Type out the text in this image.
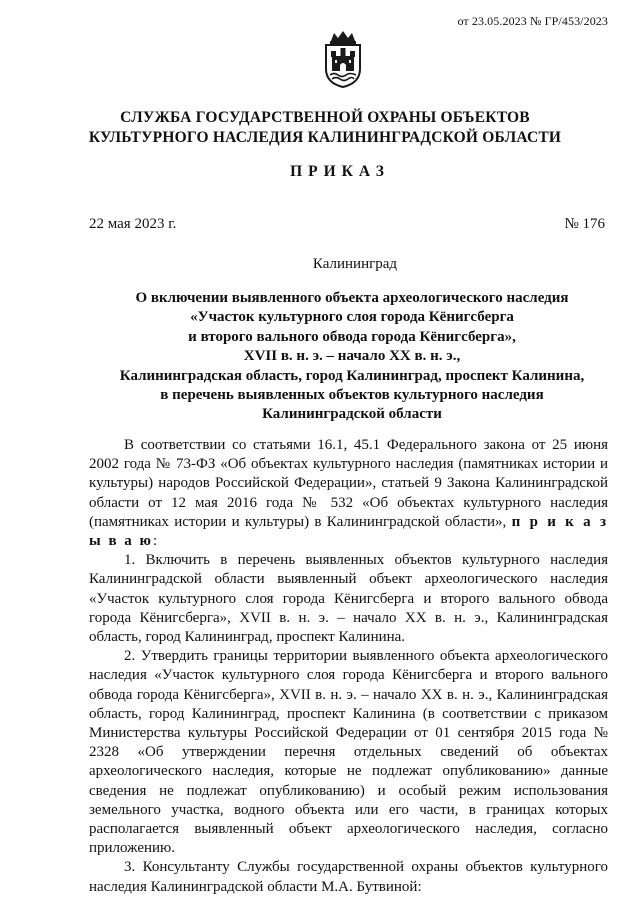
от 23.05.2023 № ГР/453/2023
СЛУЖБА ГОСУДАРСТВЕННОЙ ОХРАНЫ ОБЪЕКТОВ
КУЛЬТУРНОГО НАСЛЕДИЯ КАЛИНИНГРАДСКОЙ ОБЛАСТИ
ПРИКАЗ
22 мая 2023 г.	№ 176
Калининград
О включении выявленного объекта археологического наследия
«Участок культурного слоя города Кёнигсберга
и второго вального обвода города Кёнигсберга»,
XVII в. н. э. – начало XX в. н. э.,
Калининградская область, город Калининград, проспект Калинина,
в перечень выявленных объектов культурного наследия
Калининградской области

В соответствии со статьями 16.1, 45.1 Федерального закона от 25 июня 2002 года № 73-ФЗ «Об объектах культурного наследия (памятниках истории и культуры) народов Российской Федерации», статьей 9 Закона Калининградской области от 12 мая 2016 года № 532 «Об объектах культурного наследия (памятниках истории и культуры) в Калининградской области», п р и к а з ы в а ю:

1. Включить в перечень выявленных объектов культурного наследия Калининградской области выявленный объект археологического наследия «Участок культурного слоя города Кёнигсберга и второго вального обвода города Кёнигсберга», XVII в. н. э. – начало XX в. н. э., Калининградская область, город Калининград, проспект Калинина.

2. Утвердить границы территории выявленного объекта археологического наследия «Участок культурного слоя города Кёнигсберга и второго вального обвода города Кёнигсберга», XVII в. н. э. – начало XX в. н. э., Калининградская область, город Калининград, проспект Калинина (в соответствии с приказом Министерства культуры Российской Федерации от 01 сентября 2015 года № 2328 «Об утверждении перечня отдельных сведений об объектах археологического наследия, которые не подлежат опубликованию» данные сведения не подлежат опубликованию) и особый режим использования земельного участка, водного объекта или его части, в границах которых располагается выявленный объект археологического наследия, согласно приложению.

3. Консультанту Службы государственной охраны объектов культурного наследия Калининградской области М.А. Бутвиной:
